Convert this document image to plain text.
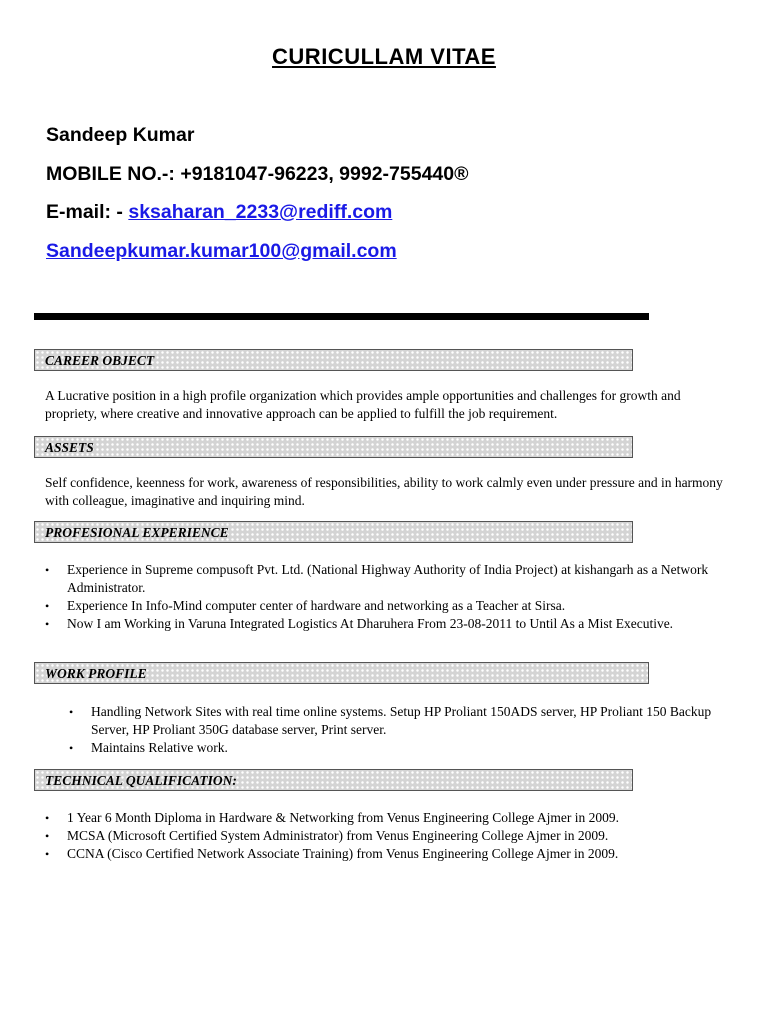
CURICULLAM VITAE
Sandeep Kumar
MOBILE NO.-: +9181047-96223, 9992-755440®
E-mail: - sksaharan_2233@rediff.com
Sandeepkumar.kumar100@gmail.com
CAREER OBJECT
A Lucrative position in a high profile organization which provides ample opportunities and challenges for growth and propriety, where creative and innovative approach can be applied to fulfill the job requirement.
ASSETS
Self confidence, keenness for work, awareness of responsibilities, ability to work calmly even under pressure and in harmony with colleague, imaginative and inquiring mind.
PROFESIONAL EXPERIENCE
• Experience in Supreme compusoft Pvt. Ltd. (National Highway Authority of India Project) at kishangarh as a Network Administrator.
• Experience In Info-Mind computer center of hardware and networking as a Teacher at Sirsa.
• Now I am Working in Varuna Integrated Logistics At Dharuhera From 23-08-2011 to Until As a Mist Executive.
WORK PROFILE
• Handling Network Sites with real time online systems. Setup HP Proliant 150ADS server, HP Proliant 150 Backup Server, HP Proliant 350G database server, Print server.
• Maintains Relative work.
TECHNICAL QUALIFICATION:
• 1 Year 6 Month Diploma in Hardware & Networking from Venus Engineering College Ajmer in 2009.
• MCSA (Microsoft Certified System Administrator) from Venus Engineering College Ajmer in 2009.
• CCNA (Cisco Certified Network Associate Training) from Venus Engineering College Ajmer in 2009.
